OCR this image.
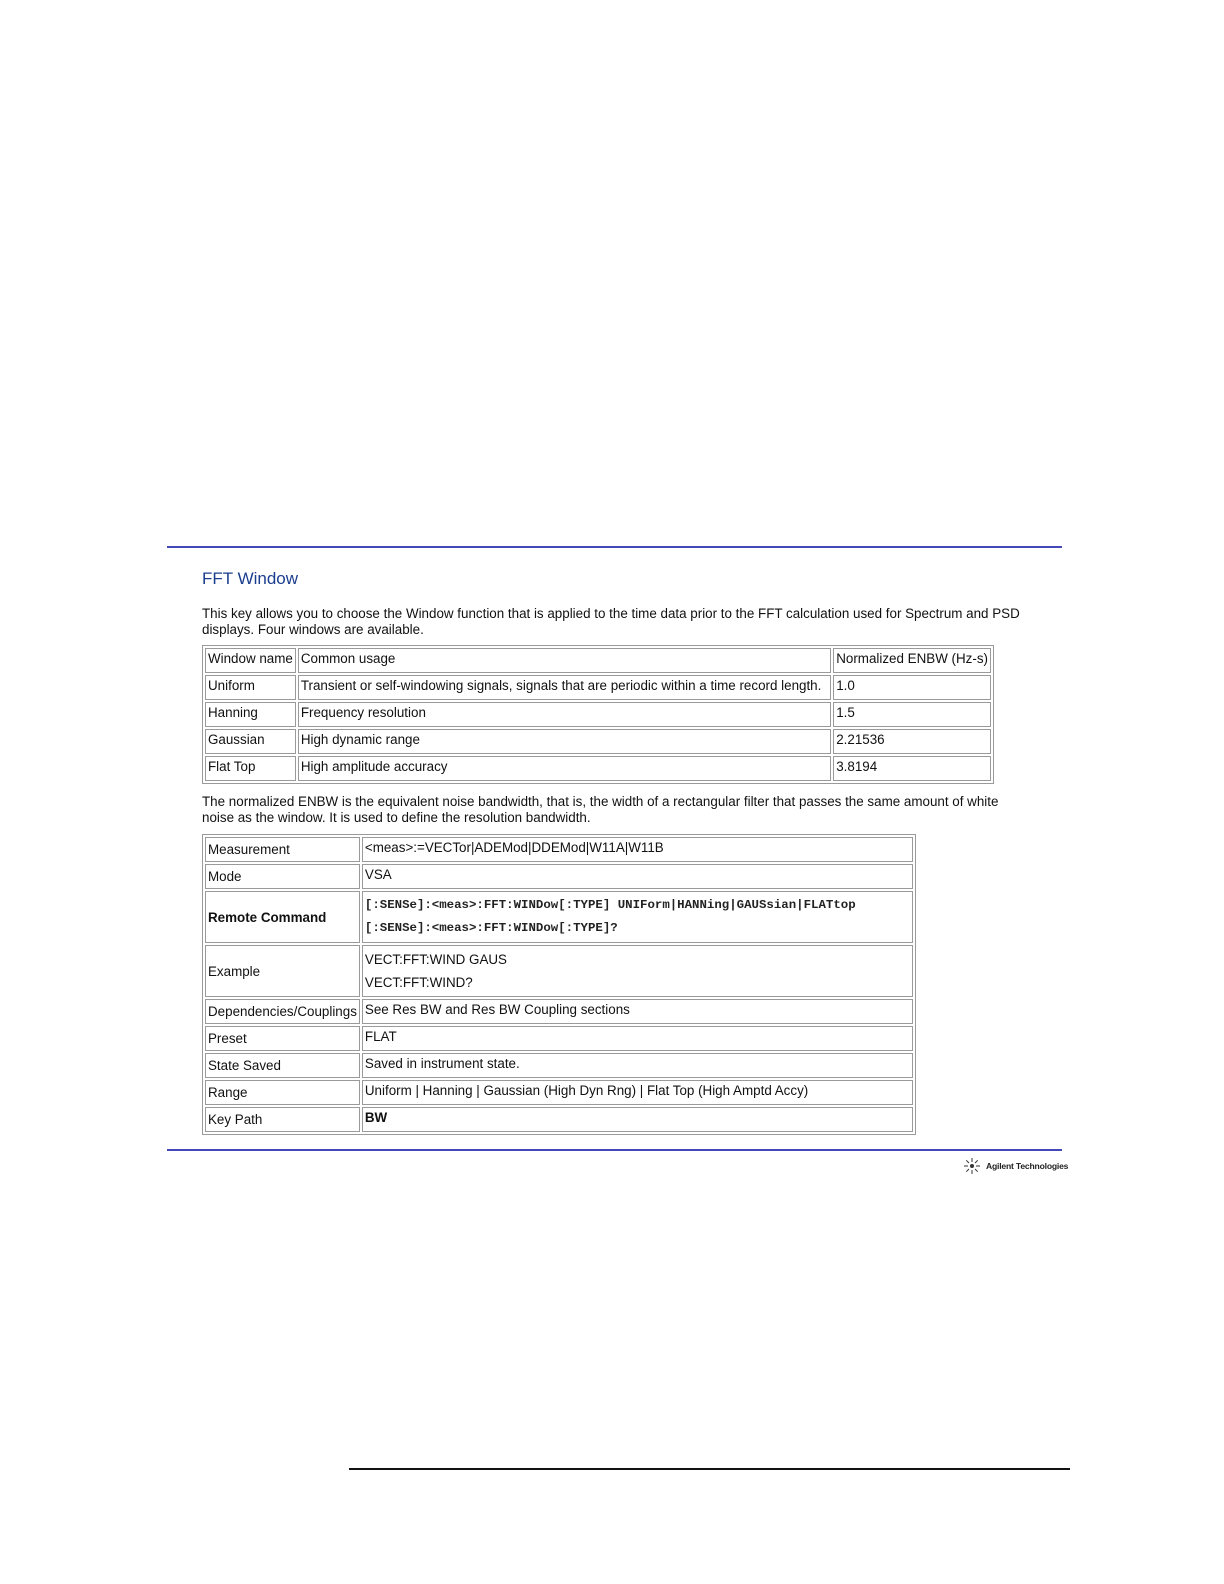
FFT Window

This key allows you to choose the Window function that is applied to the time data prior to the FFT calculation used for Spectrum and PSD displays. Four windows are available.

Window name	Common usage	Normalized ENBW (Hz-s)
Uniform	Transient or self-windowing signals, signals that are periodic within a time record length.	1.0
Hanning	Frequency resolution	1.5
Gaussian	High dynamic range	2.21536
Flat Top	High amplitude accuracy	3.8194

The normalized ENBW is the equivalent noise bandwidth, that is, the width of a rectangular filter that passes the same amount of white noise as the window. It is used to define the resolution bandwidth.

Measurement	<meas>:=VECTor|ADEMod|DDEMod|W11A|W11B
Mode	VSA
Remote Command	[:SENSe]:<meas>:FFT:WINDow[:TYPE] UNIForm|HANNing|GAUSsian|FLATtop
[:SENSe]:<meas>:FFT:WINDow[:TYPE]?

Example	VECT:FFT:WIND GAUS
VECT:FFT:WIND?

Dependencies/Couplings	See Res BW and Res BW Coupling sections
Preset	FLAT
State Saved	Saved in instrument state.
Range	Uniform | Hanning | Gaussian (High Dyn Rng) | Flat Top (High Amptd Accy)
Key Path	BW
Agilent Technologies
